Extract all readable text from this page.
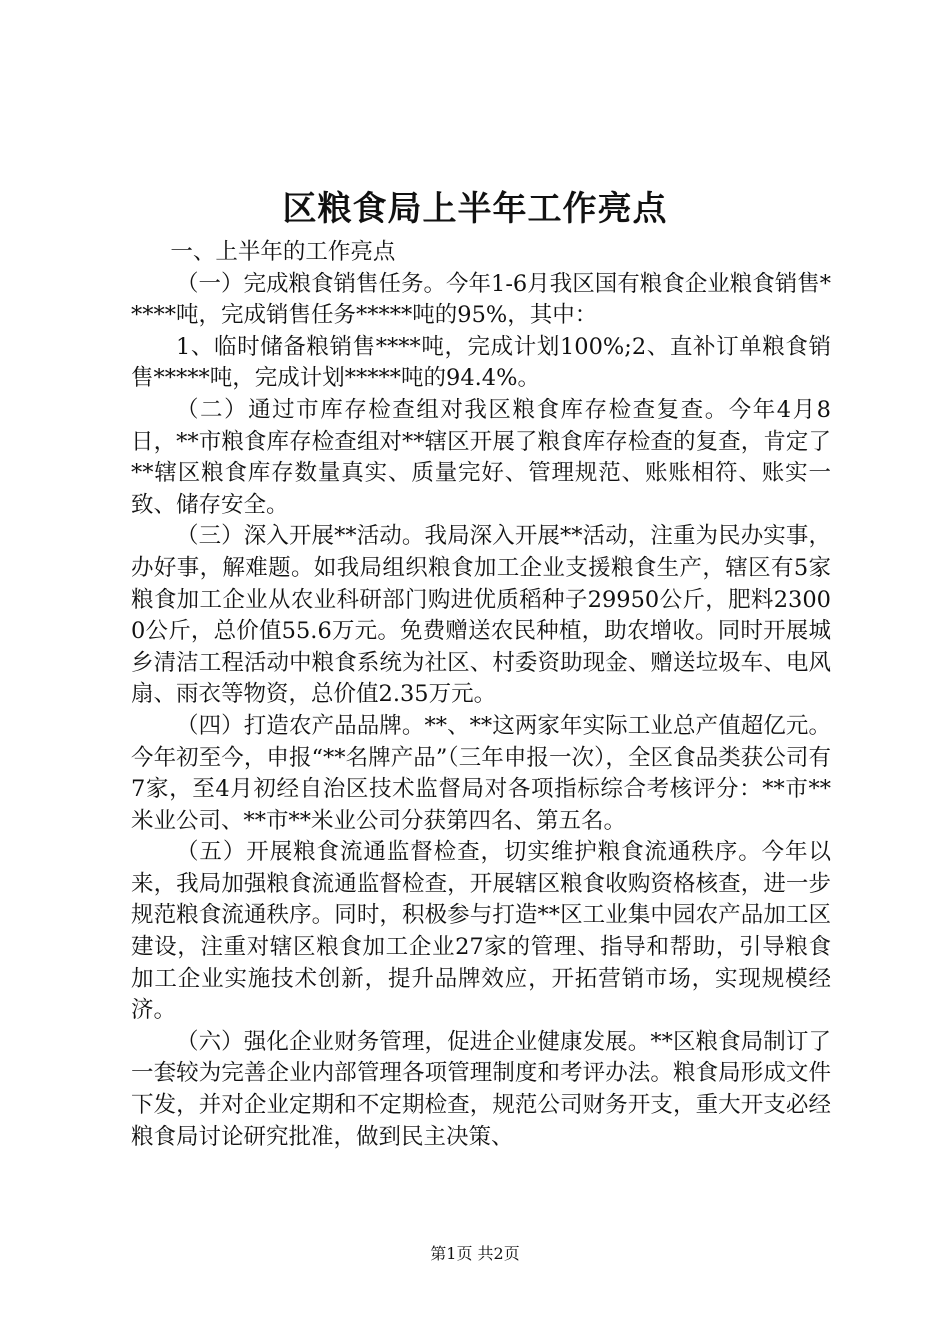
区粮食局上半年工作亮点

一、上半年的工作亮点

（一）完成粮食销售任务。今年1-6月我区国有粮食企业粮食销售*****吨，完成销售任务*****吨的95%，其中：

1、临时储备粮销售****吨，完成计划100%;2、直补订单粮食销售*****吨，完成计划*****吨的94.4%。

（二）通过市库存检查组对我区粮食库存检查复查。今年4月8日，**市粮食库存检查组对**辖区开展了粮食库存检查的复查，肯定了**辖区粮食库存数量真实、质量完好、管理规范、账账相符、账实一致、储存安全。

（三）深入开展**活动。我局深入开展**活动，注重为民办实事，办好事，解难题。如我局组织粮食加工企业支援粮食生产，辖区有5家粮食加工企业从农业科研部门购进优质稻种子29950公斤，肥料23000公斤，总价值55.6万元。免费赠送农民种植，助农增收。同时开展城乡清洁工程活动中粮食系统为社区、村委资助现金、赠送垃圾车、电风扇、雨衣等物资，总价值2.35万元。

（四）打造农产品品牌。**、**这两家年实际工业总产值超亿元。今年初至今，申报“**名牌产品”（三年申报一次），全区食品类获公司有7家，至4月初经自治区技术监督局对各项指标综合考核评分：**市**米业公司、**市**米业公司分获第四名、第五名。

（五）开展粮食流通监督检查，切实维护粮食流通秩序。今年以来，我局加强粮食流通监督检查，开展辖区粮食收购资格核查，进一步规范粮食流通秩序。同时，积极参与打造**区工业集中园农产品加工区建设，注重对辖区粮食加工企业27家的管理、指导和帮助，引导粮食加工企业实施技术创新，提升品牌效应，开拓营销市场，实现规模经济。

（六）强化企业财务管理，促进企业健康发展。**区粮食局制订了一套较为完善企业内部管理各项管理制度和考评办法。粮食局形成文件下发，并对企业定期和不定期检查，规范公司财务开支，重大开支必经粮食局讨论研究批准，做到民主决策、

第1页 共2页
